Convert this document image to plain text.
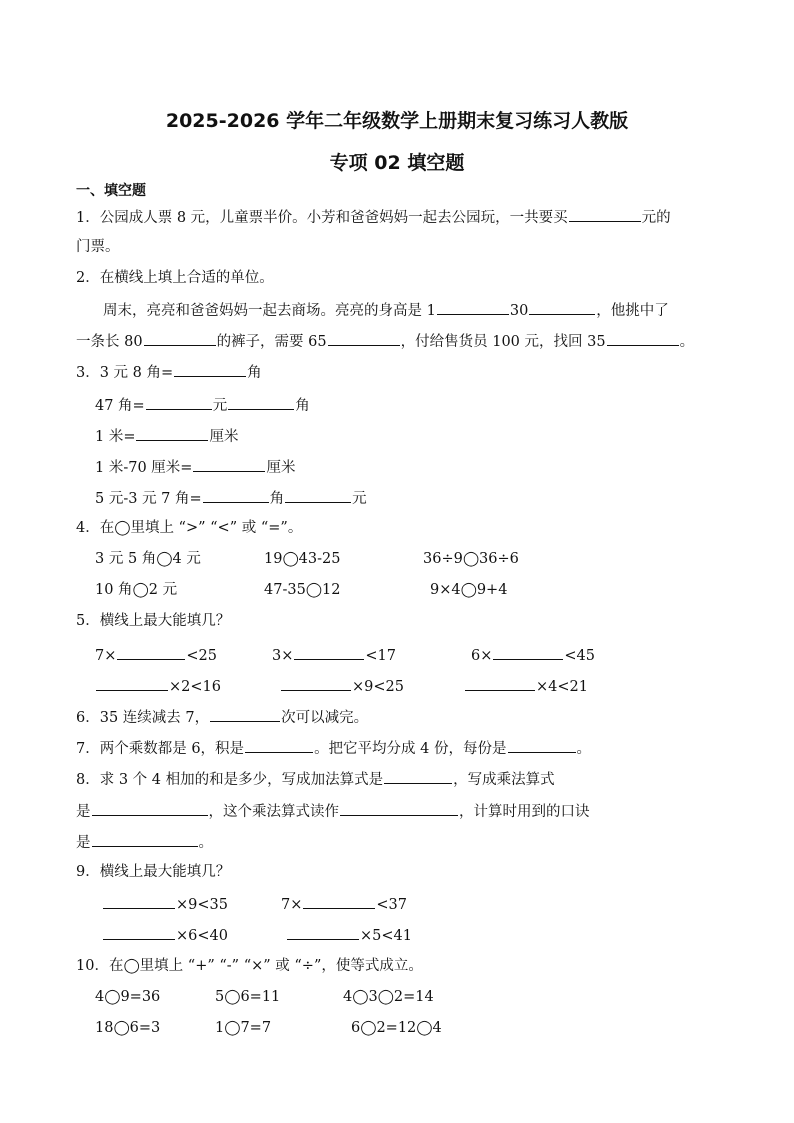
2025-2026 学年二年级数学上册期末复习练习人教版
专项 02 填空题
一、填空题
1．公园成人票 8 元，儿童票半价。小芳和爸爸妈妈一起去公园玩，一共要买	元的
门票。
2．在横线上填上合适的单位。
周末，亮亮和爸爸妈妈一起去商场。亮亮的身高是 1	30	，他挑中了
一条长 80	的裤子，需要 65	，付给售货员 100 元，找回 35	。
3．3 元 8 角=	角
47 角=	元	角
1 米=	厘米
1 米-70 厘米=	厘米
5 元-3 元 7 角=	角	元
4．在◯里填上 “>” “<” 或 “=”。
3 元 5 角◯4 元	19◯43-25	36÷9◯36÷6
10 角◯2 元	47-35◯12	9×4◯9+4
5．横线上最大能填几？
7×	<25	3×	<17	6×	<45
×2<16	×9<25	×4<21
6．35 连续减去 7，	次可以减完。
7．两个乘数都是 6，积是	。把它平均分成 4 份，每份是	。
8．求 3 个 4 相加的和是多少，写成加法算式是	，写成乘法算式
是	，这个乘法算式读作	，计算时用到的口诀
是	。
9．横线上最大能填几？
×9<35	7×	<37
×6<40	×5<41
10．在◯里填上 “+” “-” “×” 或 “÷”，使等式成立。
4◯9=36	5◯6=11	4◯3◯2=14
18◯6=3	1◯7=7	6◯2=12◯4
